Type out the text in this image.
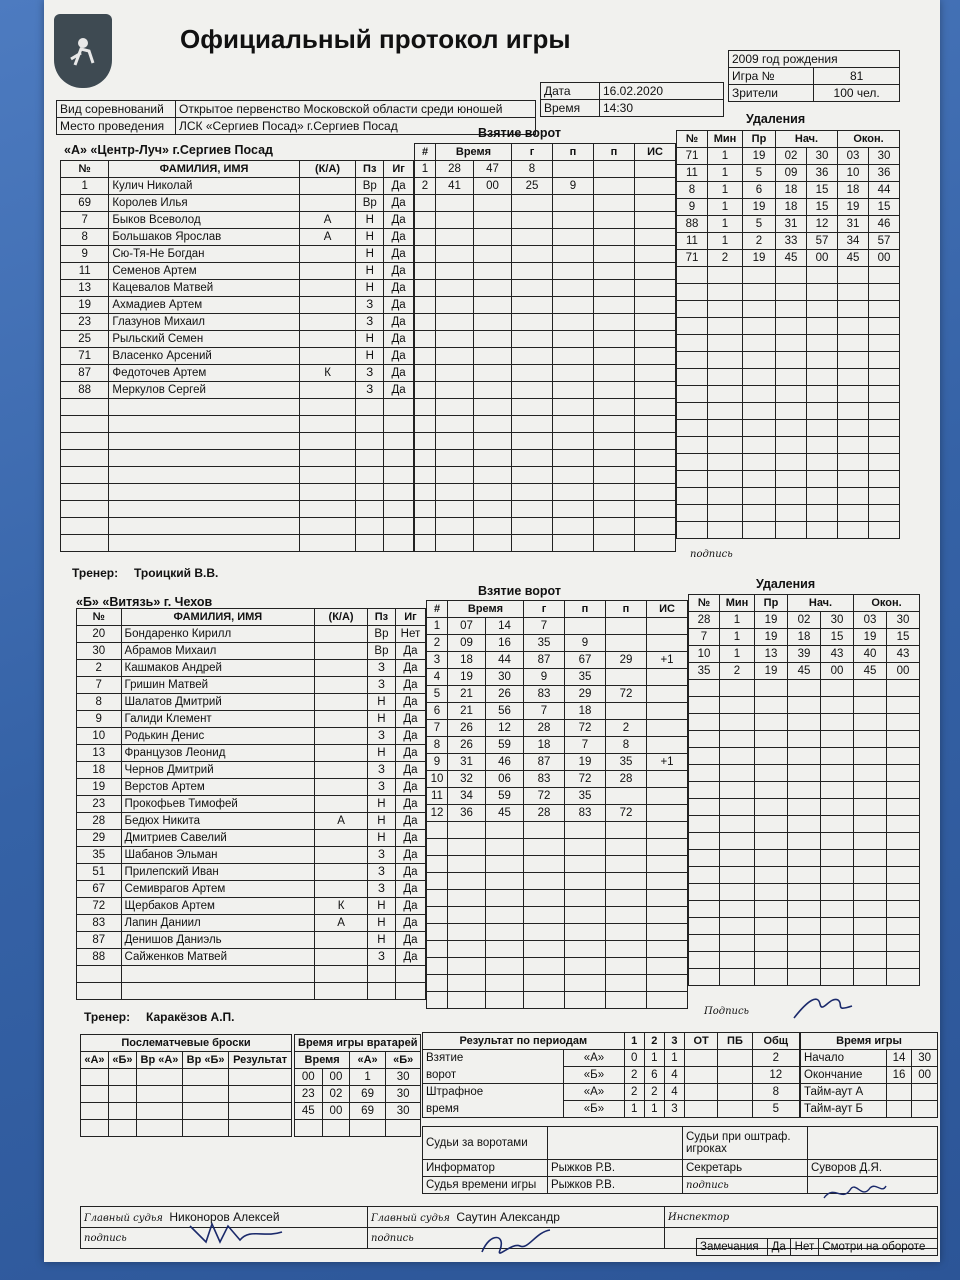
Официальный протокол игры
2009 год рождения	
Игра №	81
Зрители	100 чел.
Вид соревнований	Открытое первенство Московской области среди юношей
Место проведения	ЛСК «Сергиев Посад» г.Сергиев Посад
Дата	16.02.2020
Время	14:30
«А» «Центр-Луч» г.Сергиев Посад
№	ФАМИЛИЯ, ИМЯ	(К/А)	Пз	Иг
1	Кулич Николай		Вр	Да
69	Королев Илья		Вр	Да
7	Быков Всеволод	А	Н	Да
8	Большаков Ярослав	А	Н	Да
9	Сю-Тя-Не Богдан		Н	Да
11	Семенов Артем		Н	Да
13	Кацевалов Матвей		Н	Да
19	Ахмадиев Артем		З	Да
23	Глазунов Михаил		З	Да
25	Рыльский Семен		Н	Да
71	Власенко Арсений		Н	Да
87	Федоточев Артем	К	З	Да
88	Меркулов Сергей		З	Да

Взятие ворот
#	Время		г	п	п	ИС
1	28	47	8			
2	41	00	25	9		

Удаления
№	Мин	Пр	Нач.		Окон.	
71	1	19	02	30	03	30
11	1	5	09	36	10	36
8	1	6	18	15	18	44
9	1	19	18	15	19	15
88	1	5	31	12	31	46
11	1	2	33	57	34	57
71	2	19	45	00	45	00

подпись
Тренер: Троицкий В.В.
«Б» «Витязь» г. Чехов
№	ФАМИЛИЯ, ИМЯ	(К/А)	Пз	Иг
20	Бондаренко Кирилл		Вр	Нет
30	Абрамов Михаил		Вр	Да
2	Кашмаков Андрей		З	Да
7	Гришин Матвей		З	Да
8	Шалатов Дмитрий		Н	Да
9	Галиди Клемент		Н	Да
10	Родькин Денис		З	Да
13	Французов Леонид		Н	Да
18	Чернов Дмитрий		З	Да
19	Верстов Артем		З	Да
23	Прокофьев Тимофей		Н	Да
28	Бедюх Никита	А	Н	Да
29	Дмитриев Савелий		Н	Да
35	Шабанов Эльман		З	Да
51	Прилепский Иван		З	Да
67	Семиврагов Артем		З	Да
72	Щербаков Артем	К	Н	Да
83	Лапин Даниил	А	Н	Да
87	Денишов Даниэль		Н	Да
88	Сайженков Матвей		З	Да

Взятие ворот
#	Время		г	п	п	ИС
1	07	14	7			
2	09	16	35	9		
3	18	44	87	67	29	+1
4	19	30	9	35		
5	21	26	83	29	72	
6	21	56	7	18		
7	26	12	28	72	2	
8	26	59	18	7	8	
9	31	46	87	19	35	+1
10	32	06	83	72	28	
11	34	59	72	35		
12	36	45	28	83	72	

Удаления
№	Мин	Пр	Нач.		Окон.	
28	1	19	02	30	03	30
7	1	19	18	15	19	15
10	1	13	39	43	40	43
35	2	19	45	00	45	00

Подпись
Тренер: Каракёзов А.П.
Послематчевые броски				
«А»	«Б»	Вр «А»	Вр «Б»	Результат

Время игры вратарей			
Время		«А»	«Б»
00	00	1	30
23	02	69	30
45	00	69	30

Результат по периодам		1	2	3	ОТ	ПБ	Общ
Взятие	«А»	0	1	1			2
ворот	«Б»	2	6	4			12
Штрафное	«А»	2	2	4			8
время	«Б»	1	1	3			5
Время игры		
Начало	14	30
Окончание	16	00
Тайм-аут А		
Тайм-аут Б		
Судьи за воротами		Судьи при оштраф. игроках	
Информатор	Рыжков Р.В.	Секретарь	Суворов Д.Я.
Судья времени игры	Рыжков Р.В.	подпись	
Главный судья Никоноров Алексей	Главный судья Саутин Александр	Инспектор
подпись	подпись	
Замечания	Да	Нет	Смотри на обороте
